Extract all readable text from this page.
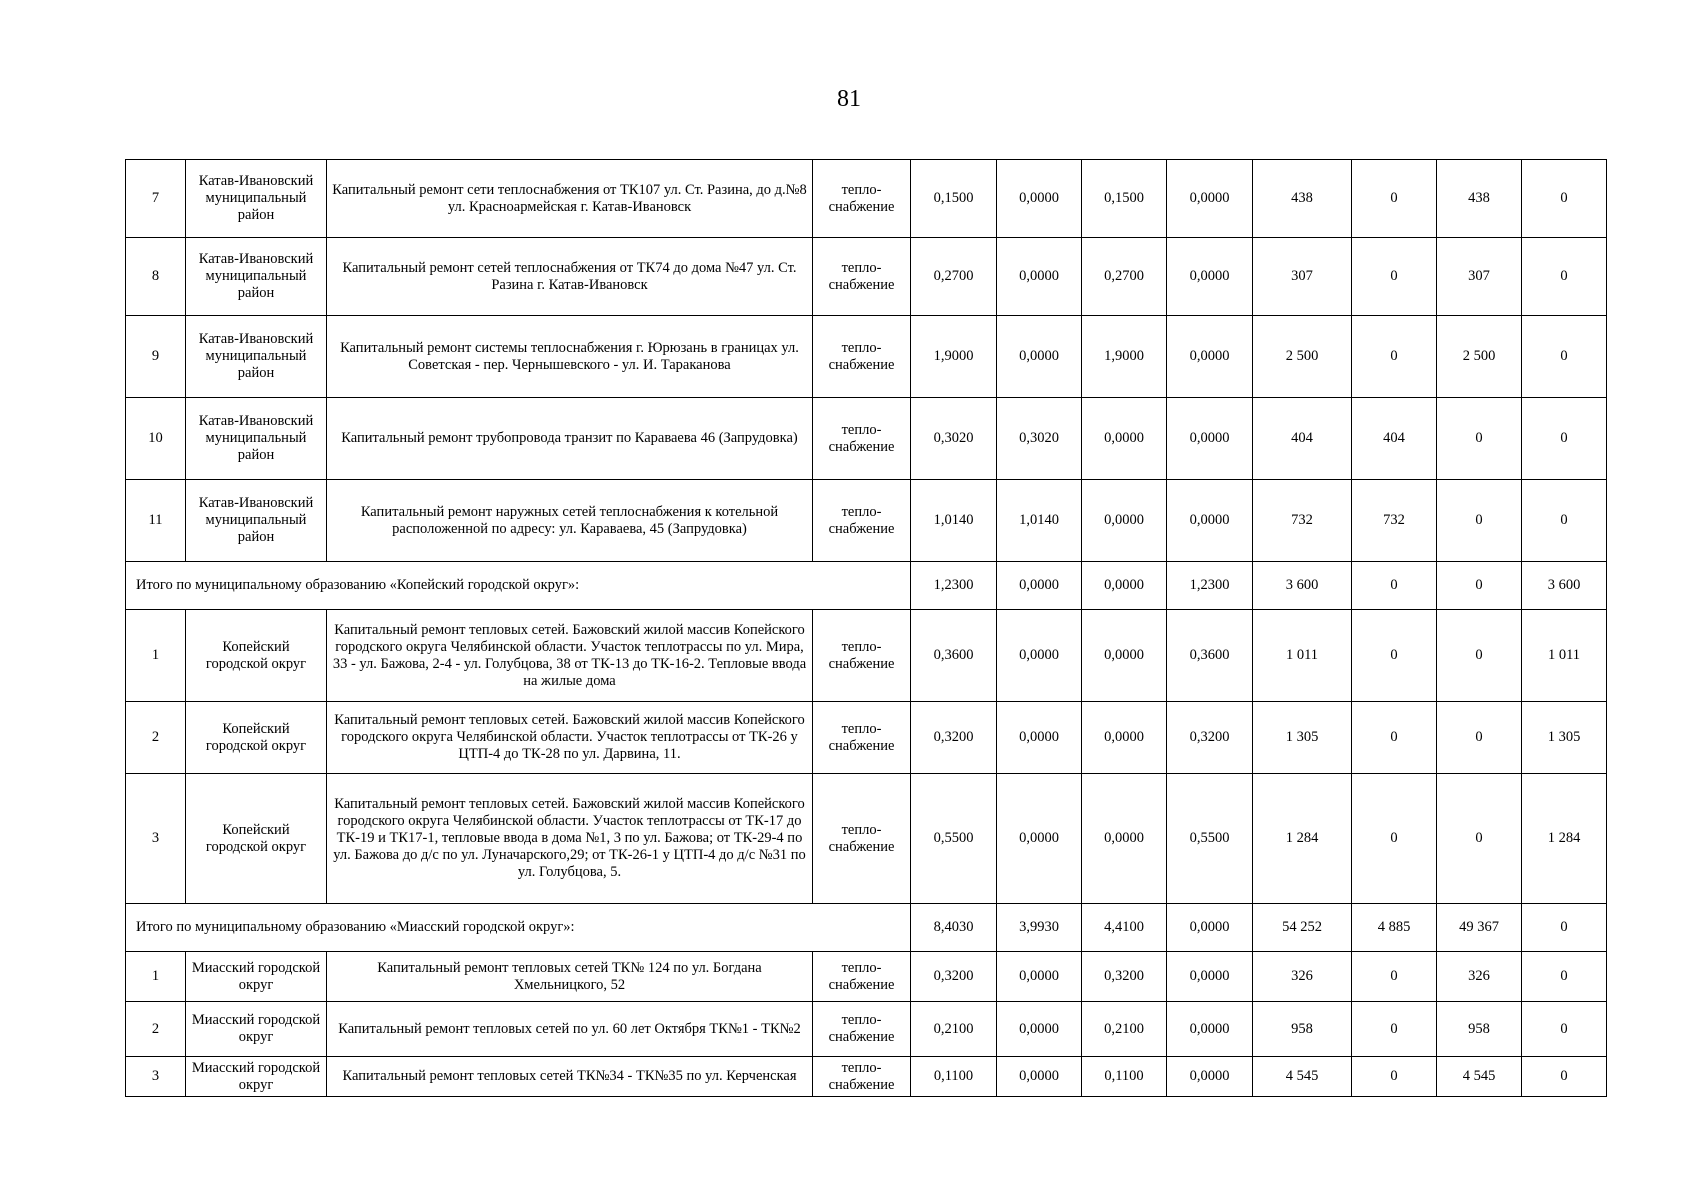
81
7	Катав-Ивановский муниципальный район	Капитальный ремонт сети теплоснабжения от ТК107 ул. Ст. Разина, до д.№8 ул. Красноармейская г. Катав-Ивановск	тепло-снабжение	0,1500	0,0000	0,1500	0,0000	438	0	438	0
8	Катав-Ивановский муниципальный район	Капитальный ремонт сетей теплоснабжения от ТК74 до дома №47 ул. Ст. Разина г. Катав-Ивановск	тепло-снабжение	0,2700	0,0000	0,2700	0,0000	307	0	307	0
9	Катав-Ивановский муниципальный район	Капитальный ремонт системы теплоснабжения г. Юрюзань в границах ул. Советская - пер. Чернышевского - ул. И. Тараканова	тепло-снабжение	1,9000	0,0000	1,9000	0,0000	2 500	0	2 500	0
10	Катав-Ивановский муниципальный район	Капитальный ремонт трубопровода транзит по Караваева 46 (Запрудовка)	тепло-снабжение	0,3020	0,3020	0,0000	0,0000	404	404	0	0
11	Катав-Ивановский муниципальный район	Капитальный ремонт наружных сетей теплоснабжения к котельной расположенной по адресу: ул. Караваева, 45 (Запрудовка)	тепло-снабжение	1,0140	1,0140	0,0000	0,0000	732	732	0	0
Итого по муниципальному образованию «Копейский городской округ»:				1,2300	0,0000	0,0000	1,2300	3 600	0	0	3 600
1	Копейский городской округ	Капитальный ремонт тепловых сетей. Бажовский жилой массив Копейского городского округа Челябинской области. Участок теплотрассы по ул. Мира, 33 - ул. Бажова, 2-4 - ул. Голубцова, 38 от ТК-13 до ТК-16-2. Тепловые ввода на жилые дома	тепло-снабжение	0,3600	0,0000	0,0000	0,3600	1 011	0	0	1 011
2	Копейский городской округ	Капитальный ремонт тепловых сетей. Бажовский жилой массив Копейского городского округа Челябинской области. Участок теплотрассы от ТК-26 у ЦТП-4 до ТК-28 по ул. Дарвина, 11.	тепло-снабжение	0,3200	0,0000	0,0000	0,3200	1 305	0	0	1 305
3	Копейский городской округ	Капитальный ремонт тепловых сетей. Бажовский жилой массив Копейского городского округа Челябинской области. Участок теплотрассы от ТК-17 до ТК-19 и ТК17-1, тепловые ввода в дома №1, 3 по ул. Бажова; от ТК-29-4 по ул. Бажова до д/с по ул. Луначарского,29; от ТК-26-1 у ЦТП-4 до д/с №31 по ул. Голубцова, 5.	тепло-снабжение	0,5500	0,0000	0,0000	0,5500	1 284	0	0	1 284
Итого по муниципальному образованию «Миасский городской округ»:				8,4030	3,9930	4,4100	0,0000	54 252	4 885	49 367	0
1	Миасский городской округ	Капитальный ремонт тепловых сетей ТК№ 124 по ул. Богдана Хмельницкого, 52	тепло-снабжение	0,3200	0,0000	0,3200	0,0000	326	0	326	0
2	Миасский городской округ	Капитальный ремонт тепловых сетей по ул. 60 лет Октября ТК№1 - ТК№2	тепло-снабжение	0,2100	0,0000	0,2100	0,0000	958	0	958	0
3	Миасский городской округ	Капитальный ремонт тепловых сетей ТК№34 - ТК№35 по ул. Керченская	тепло-снабжение	0,1100	0,0000	0,1100	0,0000	4 545	0	4 545	0
